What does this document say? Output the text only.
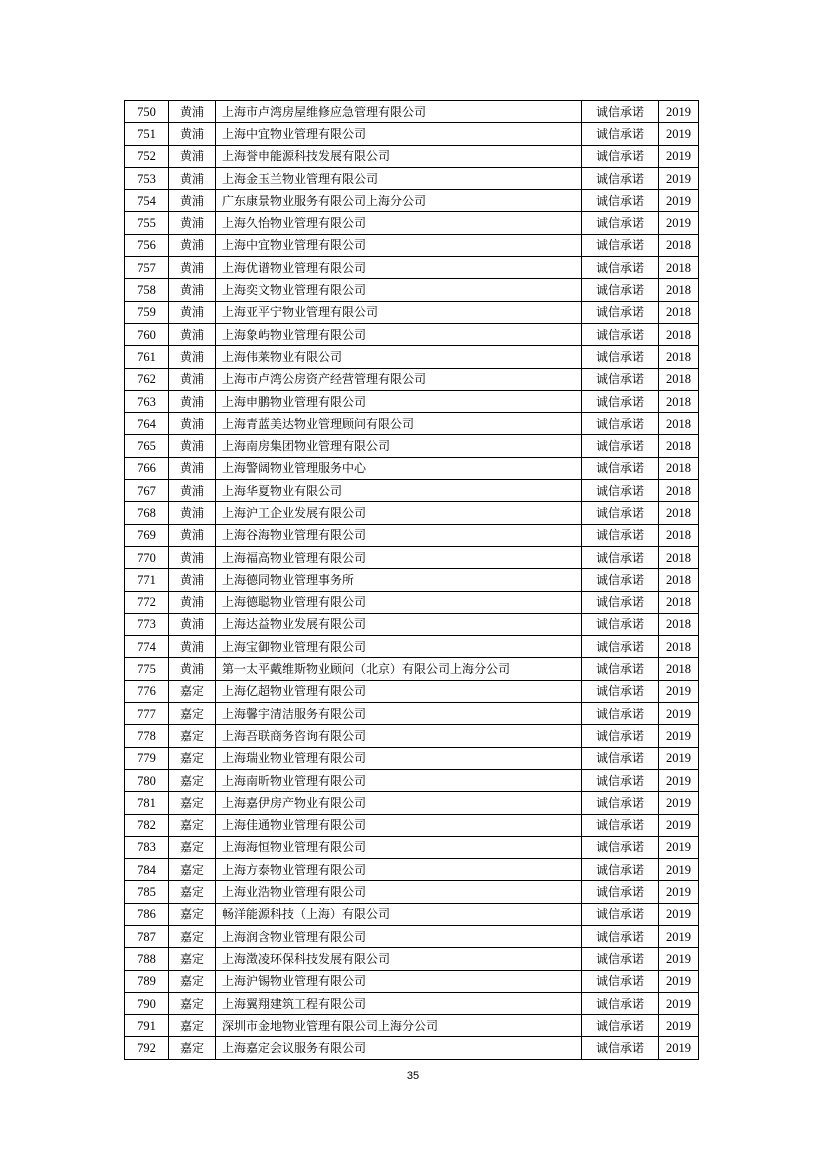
750	黄浦	上海市卢湾房屋维修应急管理有限公司	诚信承诺	2019
751	黄浦	上海中宜物业管理有限公司	诚信承诺	2019
752	黄浦	上海誉申能源科技发展有限公司	诚信承诺	2019
753	黄浦	上海金玉兰物业管理有限公司	诚信承诺	2019
754	黄浦	广东康景物业服务有限公司上海分公司	诚信承诺	2019
755	黄浦	上海久怡物业管理有限公司	诚信承诺	2019
756	黄浦	上海中宜物业管理有限公司	诚信承诺	2018
757	黄浦	上海优谱物业管理有限公司	诚信承诺	2018
758	黄浦	上海奕文物业管理有限公司	诚信承诺	2018
759	黄浦	上海亚平宁物业管理有限公司	诚信承诺	2018
760	黄浦	上海象屿物业管理有限公司	诚信承诺	2018
761	黄浦	上海伟莱物业有限公司	诚信承诺	2018
762	黄浦	上海市卢湾公房资产经营管理有限公司	诚信承诺	2018
763	黄浦	上海申鹏物业管理有限公司	诚信承诺	2018
764	黄浦	上海青蓝美达物业管理顾问有限公司	诚信承诺	2018
765	黄浦	上海南房集团物业管理有限公司	诚信承诺	2018
766	黄浦	上海警阔物业管理服务中心	诚信承诺	2018
767	黄浦	上海华夏物业有限公司	诚信承诺	2018
768	黄浦	上海沪工企业发展有限公司	诚信承诺	2018
769	黄浦	上海谷海物业管理有限公司	诚信承诺	2018
770	黄浦	上海福高物业管理有限公司	诚信承诺	2018
771	黄浦	上海德同物业管理事务所	诚信承诺	2018
772	黄浦	上海德聪物业管理有限公司	诚信承诺	2018
773	黄浦	上海达益物业发展有限公司	诚信承诺	2018
774	黄浦	上海宝御物业管理有限公司	诚信承诺	2018
775	黄浦	第一太平戴维斯物业顾问（北京）有限公司上海分公司	诚信承诺	2018
776	嘉定	上海亿超物业管理有限公司	诚信承诺	2019
777	嘉定	上海馨宇清洁服务有限公司	诚信承诺	2019
778	嘉定	上海吾联商务咨询有限公司	诚信承诺	2019
779	嘉定	上海瑞业物业管理有限公司	诚信承诺	2019
780	嘉定	上海南昕物业管理有限公司	诚信承诺	2019
781	嘉定	上海嘉伊房产物业有限公司	诚信承诺	2019
782	嘉定	上海佳通物业管理有限公司	诚信承诺	2019
783	嘉定	上海海恒物业管理有限公司	诚信承诺	2019
784	嘉定	上海方泰物业管理有限公司	诚信承诺	2019
785	嘉定	上海业浩物业管理有限公司	诚信承诺	2019
786	嘉定	畅洋能源科技（上海）有限公司	诚信承诺	2019
787	嘉定	上海润含物业管理有限公司	诚信承诺	2019
788	嘉定	上海澂凌环保科技发展有限公司	诚信承诺	2019
789	嘉定	上海沪锡物业管理有限公司	诚信承诺	2019
790	嘉定	上海翼翔建筑工程有限公司	诚信承诺	2019
791	嘉定	深圳市金地物业管理有限公司上海分公司	诚信承诺	2019
792	嘉定	上海嘉定会议服务有限公司	诚信承诺	2019
35
